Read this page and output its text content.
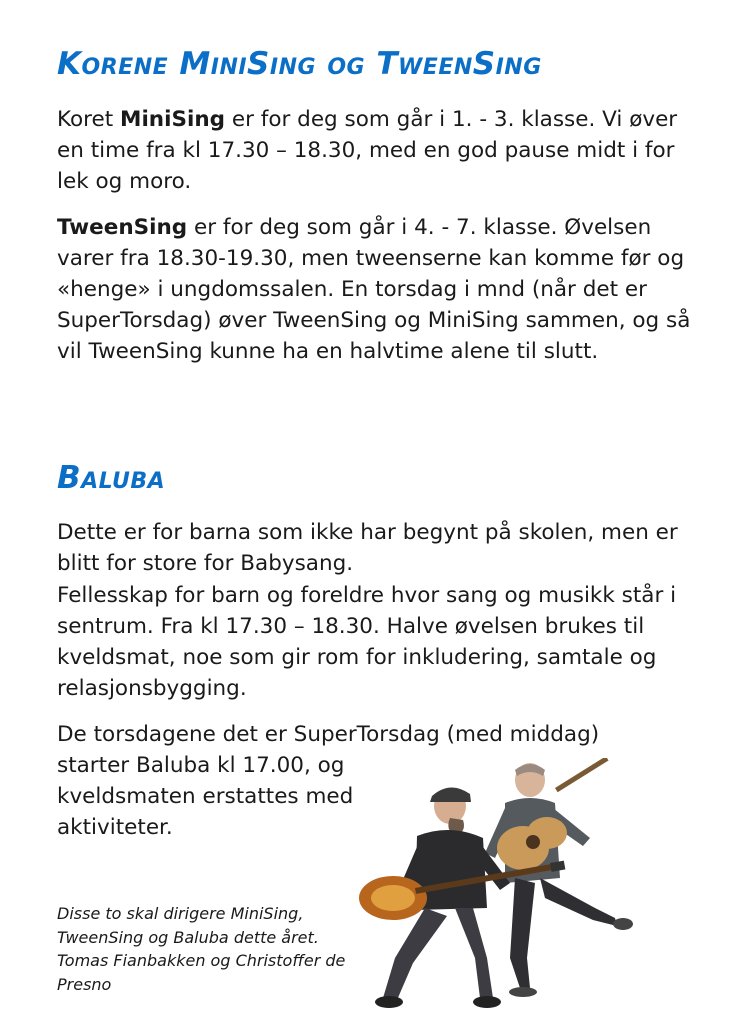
Korene MiniSing og TweenSing

Koret MiniSing er for deg som går i 1. - 3. klasse. Vi øver en time fra kl 17.30 – 18.30, med en god pause midt i for lek og moro.

TweenSing er for deg som går i 4. - 7. klasse. Øvelsen varer fra 18.30-19.30, men tweenserne kan komme før og «henge» i ungdomssalen. En torsdag i mnd (når det er SuperTorsdag) øver TweenSing og MiniSing sammen, og så vil TweenSing kunne ha en halvtime alene til slutt.

Baluba

Dette er for barna som ikke har begynt på skolen, men er blitt for store for Babysang.

Fellesskap for barn og foreldre hvor sang og musikk står i sentrum. Fra kl 17.30 – 18.30. Halve øvelsen brukes til kveldsmat, noe som gir rom for inkludering, samtale og relasjonsbygging.

De torsdagene det er SuperTorsdag (med middag)

starter Baluba kl 17.00, og kveldsmaten erstattes med aktiviteter.

Disse to skal dirigere MiniSing, TweenSing og Baluba dette året. Tomas Fianbakken og Christoffer de Presno
